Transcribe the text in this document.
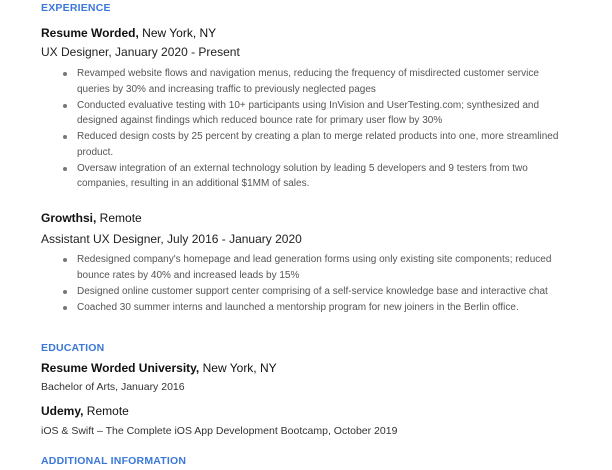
EXPERIENCE
Resume Worded, New York, NY
UX Designer, January 2020 - Present
Revamped website flows and navigation menus, reducing the frequency of misdirected customer service queries by 30% and increasing traffic to previously neglected pages
Conducted evaluative testing with 10+ participants using InVision and UserTesting.com; synthesized and designed against findings which reduced bounce rate for primary user flow by 30%
Reduced design costs by 25 percent by creating a plan to merge related products into one, more streamlined product.
Oversaw integration of an external technology solution by leading 5 developers and 9 testers from two companies, resulting in an additional $1MM of sales.
Growthsi, Remote
Assistant UX Designer, July 2016 - January 2020
Redesigned company's homepage and lead generation forms using only existing site components; reduced bounce rates by 40% and increased leads by 15%
Designed online customer support center comprising of a self-service knowledge base and interactive chat
Coached 30 summer interns and launched a mentorship program for new joiners in the Berlin office.
EDUCATION
Resume Worded University, New York, NY
Bachelor of Arts, January 2016
Udemy, Remote
iOS & Swift – The Complete iOS App Development Bootcamp, October 2019
ADDITIONAL INFORMATION
